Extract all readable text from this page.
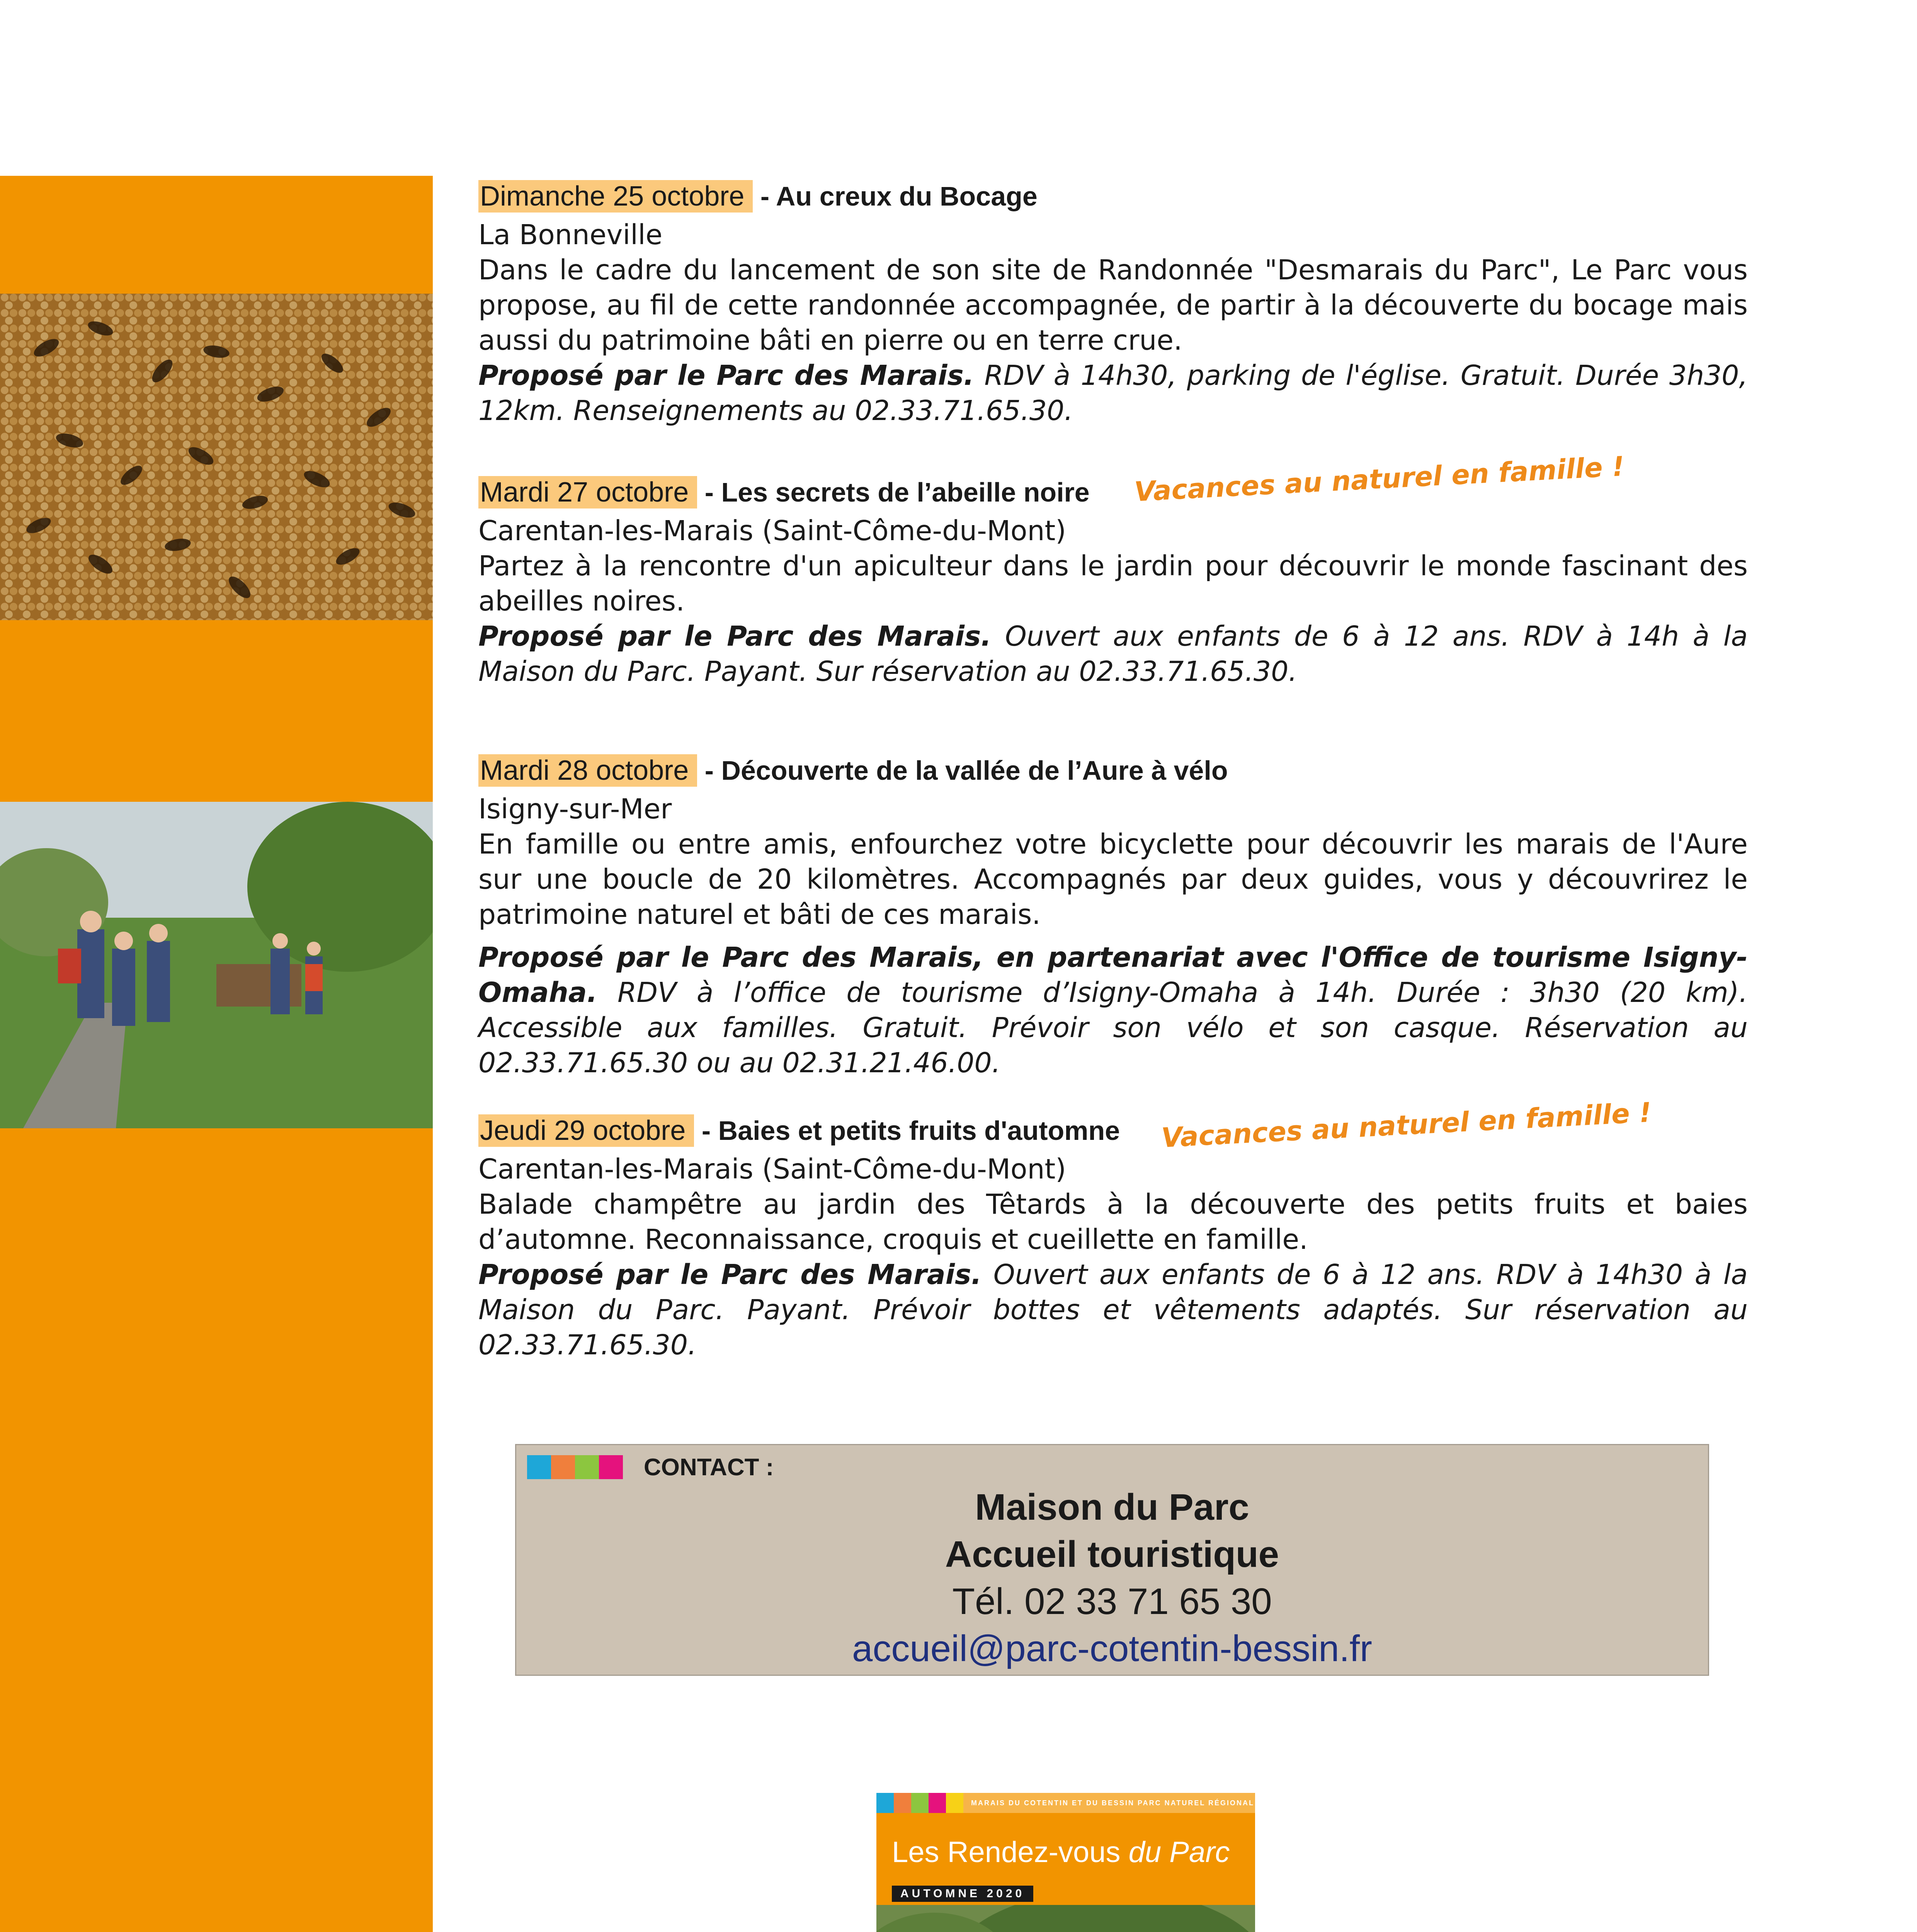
Dimanche 25 octobre - Au creux du Bocage

La Bonneville

Dans le cadre du lancement de son site de Randonnée "Desmarais du Parc", Le Parc vous propose, au fil de cette randonnée accompagnée, de partir à la découverte du bocage mais aussi du patrimoine bâti en pierre ou en terre crue.

Proposé par le Parc des Marais. RDV à 14h30, parking de l'église. Gratuit. Durée 3h30, 12km. Renseignements au 02.33.71.65.30.

Mardi 27 octobre - Les secrets de l’abeille noire Vacances au naturel en famille !

Carentan-les-Marais (Saint-Côme-du-Mont)

Partez à la rencontre d'un apiculteur dans le jardin pour découvrir le monde fascinant des abeilles noires.

Proposé par le Parc des Marais. Ouvert aux enfants de 6 à 12 ans. RDV à 14h à la Maison du Parc. Payant. Sur réservation au 02.33.71.65.30.

Mardi 28 octobre - Découverte de la vallée de l’Aure à vélo

Isigny-sur-Mer

En famille ou entre amis, enfourchez votre bicyclette pour découvrir les marais de l'Aure sur une boucle de 20 kilomètres. Accompagnés par deux guides, vous y découvrirez le patrimoine naturel et bâti de ces marais.

Proposé par le Parc des Marais, en partenariat avec l'Office de tourisme Isigny-Omaha. RDV à l’office de tourisme d’Isigny-Omaha à 14h. Durée : 3h30 (20 km). Accessible aux familles. Gratuit. Prévoir son vélo et son casque. Réservation au 02.33.71.65.30 ou au 02.31.21.46.00.

Jeudi 29 octobre - Baies et petits fruits d'automne Vacances au naturel en famille !

Carentan-les-Marais (Saint-Côme-du-Mont)

Balade champêtre au jardin des Têtards à la découverte des petits fruits et baies d’automne. Reconnaissance, croquis et cueillette en famille.

Proposé par le Parc des Marais. Ouvert aux enfants de 6 à 12 ans. RDV à 14h30 à la Maison du Parc. Payant. Prévoir bottes et vêtements adaptés. Sur réservation au 02.33.71.65.30.

CONTACT :
Maison du Parc
Accueil touristique
Tél. 02 33 71 65 30
accueil@parc-cotentin-bessin.fr
MARAIS DU COTENTIN ET DU BESSIN PARC NATUREL RÉGIONAL
Les Rendez-vous du Parc
AUTOMNE 2020
